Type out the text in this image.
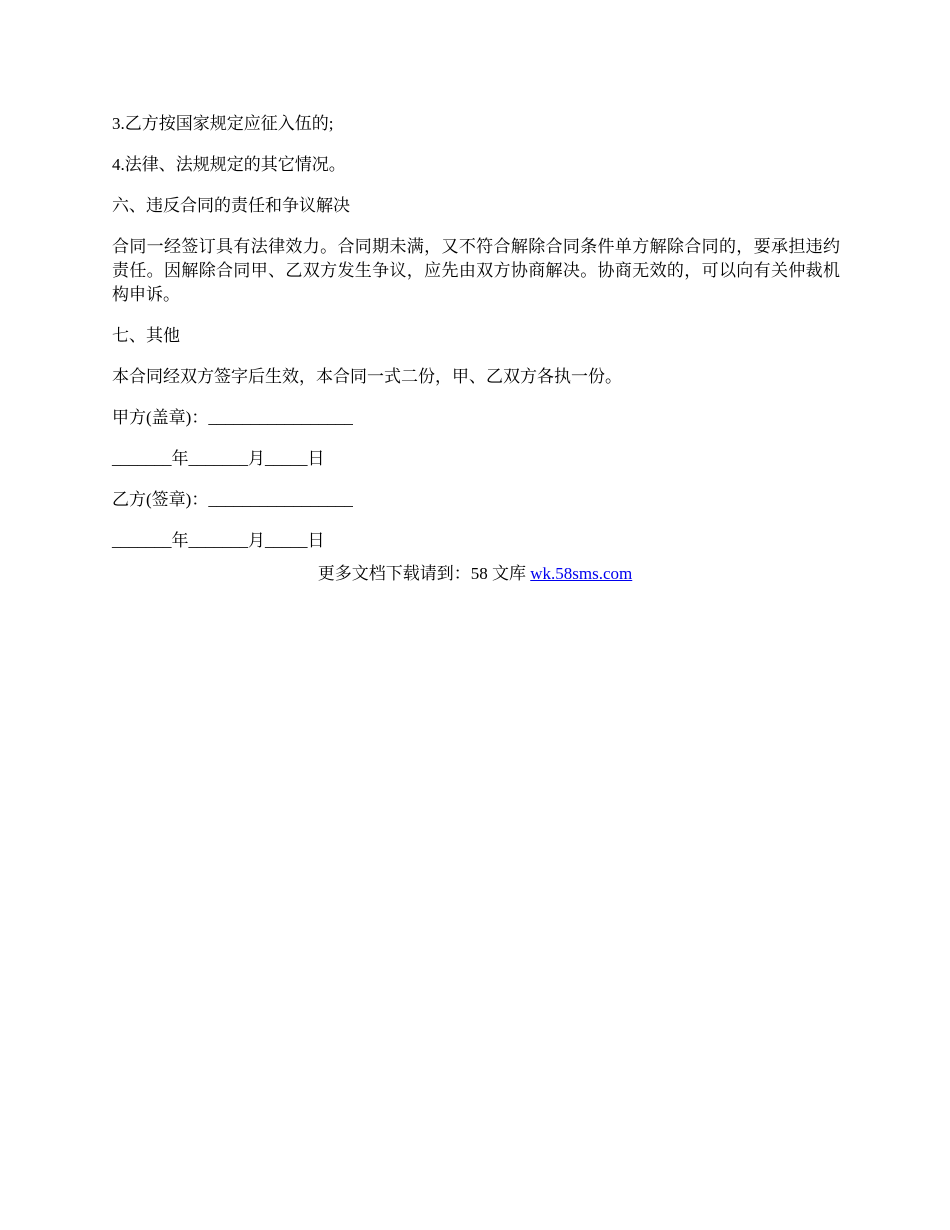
3.乙方按国家规定应征入伍的;

4.法律、法规规定的其它情况。

六、违反合同的责任和争议解决

合同一经签订具有法律效力。合同期未满，又不符合解除合同条件单方解除合同的，要承担违约责任。因解除合同甲、乙双方发生争议，应先由双方协商解决。协商无效的，可以向有关仲裁机构申诉。

七、其他

本合同经双方签字后生效，本合同一式二份，甲、乙双方各执一份。

甲方(盖章)：_________________

_______年_______月_____日

乙方(签章)：_________________

_______年_______月_____日

更多文档下载请到：58 文库 wk.58sms.com
